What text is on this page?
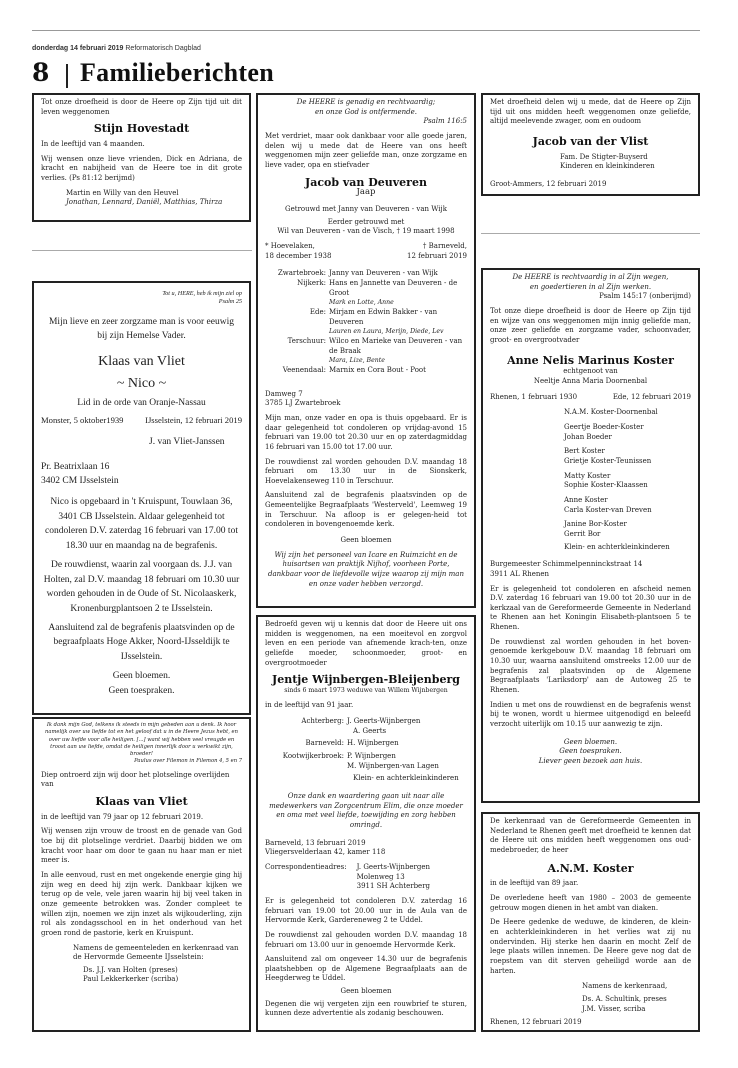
donderdag 14 februari 2019 Reformatorisch Dagblad
8 Familieberichten
Tot onze droefheid is door de Heere op Zijn tijd uit dit leven weggenomen
Stijn Hovestadt
In de leeftijd van 4 maanden.
Wij wensen onze lieve vrienden, Dick en Adriana, de kracht en nabijheid van de Heere toe in dit grote verlies. (Ps 81:12 berijmd)
Martin en Willy van den Heuvel
Jonathan, Lennard, Daniël, Matthias, Thirza
Tot u, HERE, heb ik mijn ziel op
Psalm 25
Mijn lieve en zeer zorgzame man is voor eeuwig
bij zijn Hemelse Vader.
Klaas van Vliet
~ Nico ~
Lid in de orde van Oranje-Nassau
Monster, 5 oktober1939	IJsselstein, 12 februari 2019
J. van Vliet-Janssen
Pr. Beatrixlaan 16
3402 CM IJsselstein
Nico is opgebaard in 't Kruispunt, Touwlaan 36, 3401 CB IJsselstein. Aldaar gelegenheid tot condoleren D.V. zaterdag 16 februari van 17.00 tot 18.30 uur en maandag na de begrafenis.
De rouwdienst, waarin zal voorgaan ds. J.J. van Holten, zal D.V. maandag 18 februari om 10.30 uur worden gehouden in de Oude of St. Nicolaaskerk, Kronenburgplantsoen 2 te IJsselstein.
Aansluitend zal de begrafenis plaatsvinden op de begraafplaats Hoge Akker, Noord-IJsseldijk te IJsselstein.
Geen bloemen.
Geen toespraken.
Ik dank mijn God, telkens ik steeds in mijn gebeden aan u denk. Ik hoor namelijk over uw liefde tot en het geloof dat u in de Heere Jezus hebt, en over uw liefde voor alle heiligen. [...] want wij hebben veel vreugde en troost aan uw liefde, omdat de heiligen innerlijk door u verkwikt zijn, broeder!
Paulus over Filemon in Filemon 4, 5 en 7
Diep ontroerd zijn wij door het plotselinge overlijden van
Klaas van Vliet
in de leeftijd van 79 jaar op 12 februari 2019.
Wij wensen zijn vrouw de troost en de genade van God toe bij dit plotselinge verdriet. Daarbij bidden we om kracht voor haar om door te gaan nu haar man er niet meer is.
In alle eenvoud, rust en met ongekende energie ging hij zijn weg en deed hij zijn werk. Dankbaar kijken we terug op de vele, vele jaren waarin hij bij veel taken in onze gemeente betrokken was. Zonder compleet te willen zijn, noemen we zijn inzet als wijkouderling, zijn rol als zondagsschool en in het onderhoud van het groen rond de pastorie, kerk en Kruispunt.
Namens de gemeenteleden en kerkenraad van de Hervormde Gemeente IJsselstein:
Ds. J.J. van Holten (preses)
Paul Lekkerkerker (scriba)
De HEERE is genadig en rechtvaardig;
en onze God is ontfermende.
Psalm 116:5
Met verdriet, maar ook dankbaar voor alle goede jaren, delen wij u mede dat de Heere van ons heeft weggenomen mijn zeer geliefde man, onze zorgzame en lieve vader, opa en stiefvader
Jacob van Deuveren
Jaap
Getrouwd met Janny van Deuveren - van Wijk
Eerder getrouwd met
Wil van Deuveren - van de Visch, † 19 maart 1998
* Hoevelaken,
18 december 1938
† Barneveld,
12 februari 2019
Zwartebroek: Janny van Deuveren - van Wijk
Nijkerk: Hans en Jannette van Deuveren - de Groot
Mark en Lotte, Anne
Ede: Mirjam en Edwin Bakker - van Deuveren
Lauren en Laura, Merijn, Diede, Lev
Terschuur: Wilco en Marieke van Deuveren - van de Braak
Mara, Lize, Bente
Veenendaal: Marnix en Cora Bout - Poot
Damweg 7
3785 LJ Zwartebroek
Mijn man, onze vader en opa is thuis opgebaard. Er is daar gelegenheid tot condoleren op vrijdag-avond 15 februari van 19.00 tot 20.30 uur en op zaterdagmiddag 16 februari van 15.00 tot 17.00 uur.
De rouwdienst zal worden gehouden D.V. maandag 18 februari om 13.30 uur in de Sionskerk, Hoevelakenseweg 110 in Terschuur.
Aansluitend zal de begrafenis plaatsvinden op de Gemeentelijke Begraafplaats 'Westerveld', Leemweg 19 in Terschuur. Na afloop is er gelegen-heid tot condoleren in bovengenoemde kerk.
Geen bloemen
Wij zijn het personeel van Icare en Ruimzicht en de huisartsen van praktijk Nijhof, voorheen Porte, dankbaar voor de liefdevolle wijze waarop zij mijn man en onze vader hebben verzorgd.
Bedroefd geven wij u kennis dat door de Heere uit ons midden is weggenomen, na een moeitevol en zorgvol leven en een periode van afnemende krach-ten, onze geliefde moeder, schoonmoeder, groot- en overgrootmoeder
Jentje Wijnbergen-Bleijenberg
sinds 6 maart 1973 weduwe van Willem Wijnbergen
in de leeftijd van 91 jaar.
Achterberg: J. Geerts-Wijnbergen
A. Geerts
Barneveld: H. Wijnbergen
Kootwijkerbroek: P. Wijnbergen
M. Wijnbergen-van Lagen
Klein- en achterkleinkinderen
Onze dank en waardering gaan uit naar alle medewerkers van Zorgcentrum Elim, die onze moeder en oma met veel liefde, toewijding en zorg hebben omringd.
Barneveld, 13 februari 2019
Vliegersvelderlaan 42, kamer 118
Correspondentieadres:	J. Geerts-Wijnbergen
Molenweg 13
3911 SH Achterberg
Er is gelegenheid tot condoleren D.V. zaterdag 16 februari van 19.00 tot 20.00 uur in de Aula van de Hervormde Kerk, Gardereneweg 2 te Uddel.
De rouwdienst zal gehouden worden D.V. maandag 18 februari om 13.00 uur in genoemde Hervormde Kerk.
Aansluitend zal om ongeveer 14.30 uur de begrafenis plaatshebben op de Algemene Begraafplaats aan de Heegderweg te Uddel.
Geen bloemen
Degenen die wij vergeten zijn een rouwbrief te sturen, kunnen deze advertentie als zodanig beschouwen.
Met droefheid delen wij u mede, dat de Heere op Zijn tijd uit ons midden heeft weggenomen onze geliefde, altijd meelevende zwager, oom en oudoom
Jacob van der Vlist
Fam. De Stigter-Buyserd
Kinderen en kleinkinderen
Groot-Ammers, 12 februari 2019
De HEERE is rechtvaardig in al Zijn wegen,
en goedertieren in al Zijn werken.
Psalm 145:17 (onberijmd)
Tot onze diepe droefheid is door de Heere op Zijn tijd en wijze van ons weggenomen mijn innig geliefde man, onze zeer geliefde en zorgzame vader, schoonvader, groot- en overgrootvader
Anne Nelis Marinus Koster
echtgenoot van
Neeltje Anna Maria Doornenbal
Rhenen, 1 februari 1930	Ede, 12 februari 2019
N.A.M. Koster-Doornenbal
Geertje Boeder-Koster
Johan Boeder
Bert Koster
Grietje Koster-Teunissen
Matty Koster
Sophie Koster-Klaassen
Anne Koster
Carla Koster-van Dreven
Janine Bor-Koster
Gerrit Bor
Klein- en achterkleinkinderen
Burgemeester Schimmelpenninckstraat 14
3911 AL Rhenen
Er is gelegenheid tot condoleren en afscheid nemen D.V. zaterdag 16 februari van 19.00 tot 20.30 uur in de kerkzaal van de Gereformeerde Gemeente in Nederland te Rhenen aan het Koningin Elisabeth-plantsoen 5 te Rhenen.
De rouwdienst zal worden gehouden in het boven-genoemde kerkgebouw D.V. maandag 18 februari om 10.30 uur, waarna aansluitend omstreeks 12.00 uur de begrafenis zal plaatsvinden op de Algemene Begraafplaats 'Lariksdorp' aan de Autoweg 25 te Rhenen.
Indien u met ons de rouwdienst en de begrafenis wenst bij te wonen, wordt u hiermee uitgenodigd en beleefd verzocht uiterlijk om 10.15 uur aanwezig te zijn.
Geen bloemen.
Geen toespraken.
Liever geen bezoek aan huis.
De kerkenraad van de Gereformeerde Gemeenten in Nederland te Rhenen geeft met droefheid te kennen dat de Heere uit ons midden heeft weggenomen ons oud-medebroeder, de heer
A.N.M. Koster
in de leeftijd van 89 jaar.
De overledene heeft van 1980 – 2003 de gemeente getrouw mogen dienen in het ambt van diaken.
De Heere gedenke de weduwe, de kinderen, de klein- en achterkleinkinderen in het verlies wat zij nu ondervinden. Hij sterke hen daarin en mocht Zelf de lege plaats willen innemen. De Heere geve nog dat de roepstem van dit sterven geheiligd worde aan de harten.
Namens de kerkenraad,
Ds. A. Schultink, preses
J.M. Visser, scriba
Rhenen, 12 februari 2019
